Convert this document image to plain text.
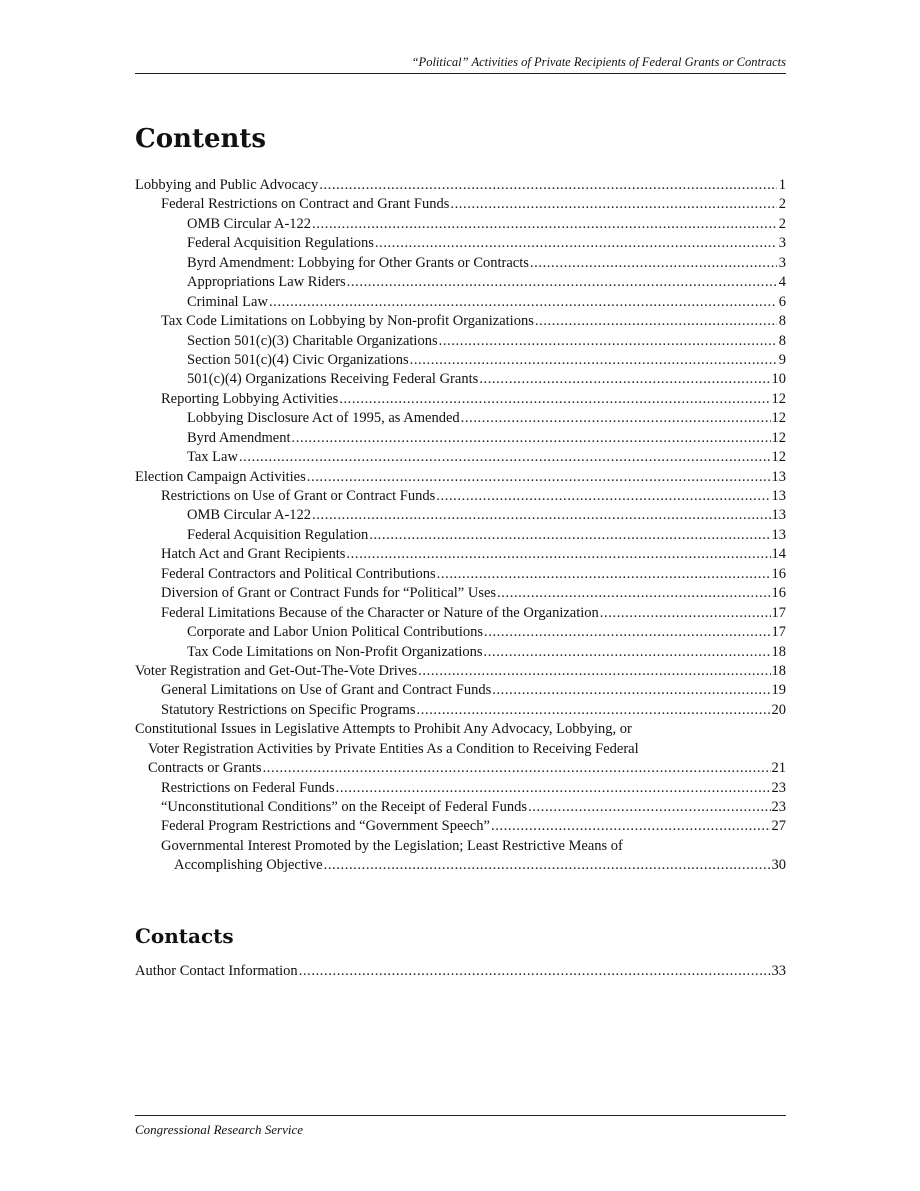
“Political” Activities of Private Recipients of Federal Grants or Contracts
Contents
Lobbying and Public Advocacy .....	1
Federal Restrictions on Contract and Grant Funds .....	2
OMB Circular A-122 .....	2
Federal Acquisition Regulations .....	3
Byrd Amendment: Lobbying for Other Grants or Contracts .....	3
Appropriations Law Riders .....	4
Criminal Law .....	6
Tax Code Limitations on Lobbying by Non-profit Organizations .....	8
Section 501(c)(3) Charitable Organizations .....	8
Section 501(c)(4) Civic Organizations .....	9
501(c)(4) Organizations Receiving Federal Grants .....	10
Reporting Lobbying Activities .....	12
Lobbying Disclosure Act of 1995, as Amended .....	12
Byrd Amendment .....	12
Tax Law .....	12
Election Campaign Activities .....	13
Restrictions on Use of Grant or Contract Funds .....	13
OMB Circular A-122 .....	13
Federal Acquisition Regulation .....	13
Hatch Act and Grant Recipients .....	14
Federal Contractors and Political Contributions .....	16
Diversion of Grant or Contract Funds for “Political” Uses .....	16
Federal Limitations Because of the Character or Nature of the Organization .....	17
Corporate and Labor Union Political Contributions .....	17
Tax Code Limitations on Non-Profit Organizations .....	18
Voter Registration and Get-Out-The-Vote Drives .....	18
General Limitations on Use of Grant and Contract Funds .....	19
Statutory Restrictions on Specific Programs .....	20
Constitutional Issues in Legislative Attempts to Prohibit Any Advocacy, Lobbying, or
Voter Registration Activities by Private Entities As a Condition to Receiving Federal
Contracts or Grants .....	21
Restrictions on Federal Funds .....	23
“Unconstitutional Conditions” on the Receipt of Federal Funds .....	23
Federal Program Restrictions and “Government Speech” .....	27
Governmental Interest Promoted by the Legislation; Least Restrictive Means of
Accomplishing Objective .....	30
Contacts
Author Contact Information .....	33
Congressional Research Service
